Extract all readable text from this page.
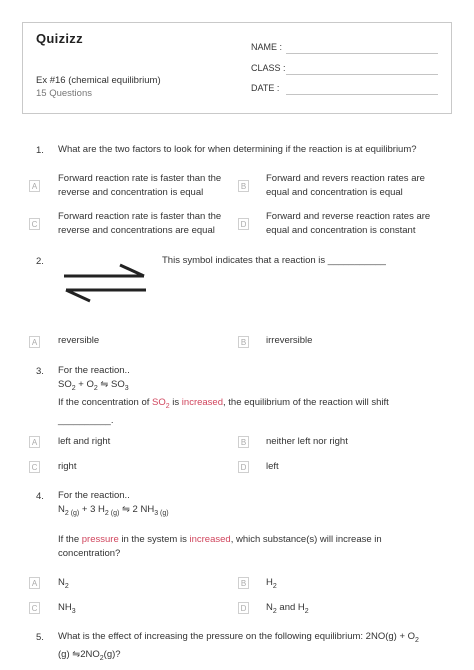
Quizizz
Ex #16 (chemical equilibrium)
15 Questions
NAME :
CLASS :
DATE :
1. What are the two factors to look for when determining if the reaction is at equilibrium?
A
Forward reaction rate is faster than the
reverse and concentration is equal
B
Forward and revers reaction rates are
equal and concentration is equal
C
Forward reaction rate is faster than the
reverse and concentrations are equal
D
Forward and reverse reaction rates are
equal and concentration is constant
2.	This symbol indicates that a reaction is ___________
A reversible	B irreversible
3. For the reaction..
$SO_2 + O_2$ ⇋ $SO_3$
If the concentration of $SO_2$ is increased, the equilibrium of the reaction will shift
__________.
A left and right	B neither left nor right
C right	D left
4. For the reaction..
$N_{2 (g)} + 3$ $H_{2 (g)}$ ⇋ 2 $NH_{3 (g)}$
If the pressure in the system is increased, which substance(s) will increase in
concentration?
A $N_2$	B $H_2$
C $NH_3$	D $N_2$ and $H_2$
5. What is the effect of increasing the pressure on the following equilibrium: $2NO(g) + O_2$
(g) $⇋2NO_2(g)$?
